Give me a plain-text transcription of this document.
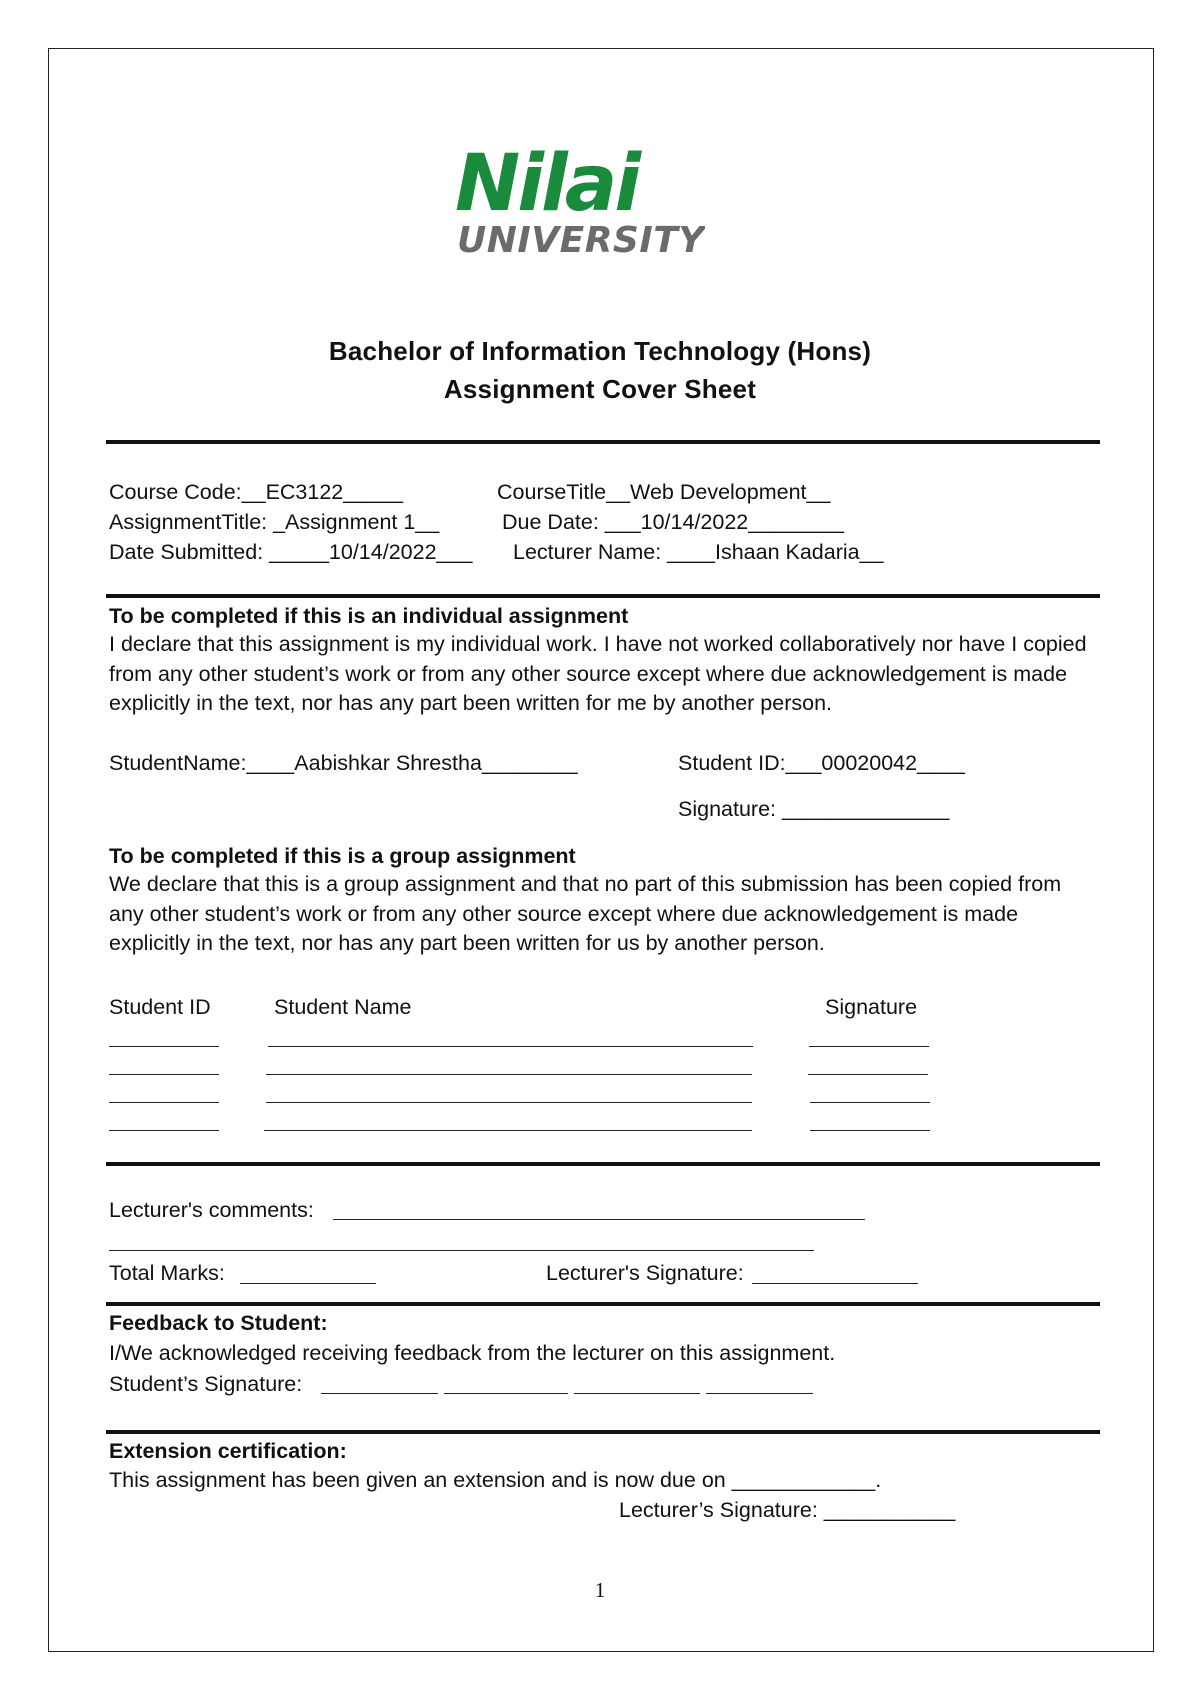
Nilai
UNIVERSITY
Bachelor of Information Technology (Hons)
Assignment Cover Sheet
Course Code:__EC3122_____	CourseTitle__Web Development__
AssignmentTitle: _Assignment 1__	Due Date: ___10/14/2022________
Date Submitted: _____10/14/2022___ Lecturer Name: ____Ishaan Kadaria__
To be completed if this is an individual assignment
I declare that this assignment is my individual work. I have not worked collaboratively nor have I copied from any other student’s work or from any other source except where due acknowledgement is made explicitly in the text, nor has any part been written for me by another person.
StudentName:____Aabishkar Shrestha________	Student ID:___00020042____
Signature: ______________
To be completed if this is a group assignment
We declare that this is a group assignment and that no part of this submission has been copied from any other student’s work or from any other source except where due acknowledgement is made explicitly in the text, nor has any part been written for us by another person.
Student ID	Student Name	Signature
Lecturer's comments:
Total Marks:	Lecturer's Signature:
Feedback to Student:
I/We acknowledged receiving feedback from the lecturer on this assignment.
Student’s Signature:
Extension certification:
This assignment has been given an extension and is now due on ____________.
Lecturer’s Signature: ___________
1
